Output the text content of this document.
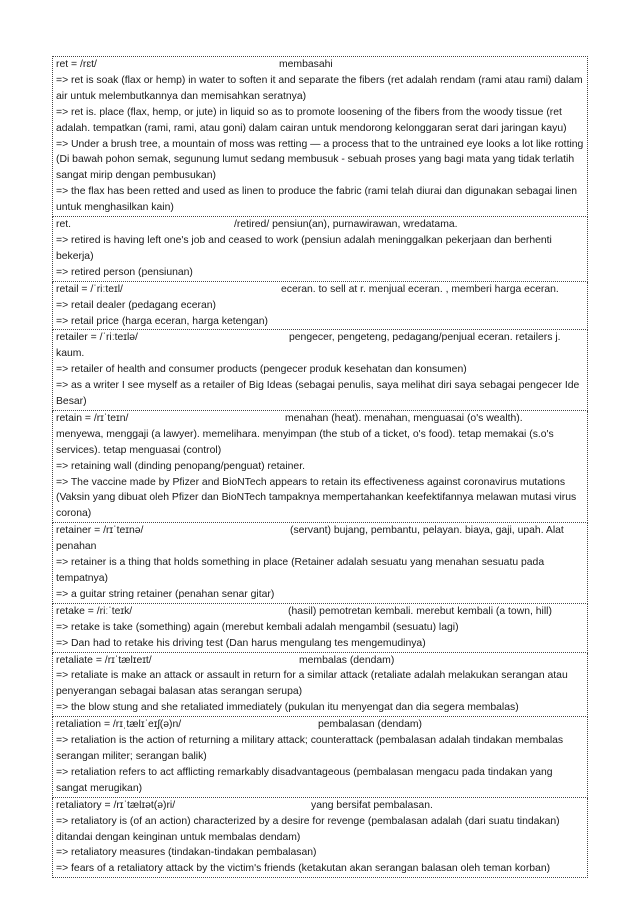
ret = /rɛt/	membasahi
=> ret is soak (flax or hemp) in water to soften it and separate the fibers (ret adalah rendam (rami atau rami) dalam air untuk melembutkannya dan memisahkan seratnya)
=> ret is. place (flax, hemp, or jute) in liquid so as to promote loosening of the fibers from the woody tissue (ret adalah. tempatkan (rami, rami, atau goni) dalam cairan untuk mendorong kelonggaran serat dari jaringan kayu)
=> Under a brush tree, a mountain of moss was retting — a process that to the untrained eye looks a lot like rotting (Di bawah pohon semak, segunung lumut sedang membusuk - sebuah proses yang bagi mata yang tidak terlatih sangat mirip dengan pembusukan)
=> the flax has been retted and used as linen to produce the fabric (rami telah diurai dan digunakan sebagai linen untuk menghasilkan kain)
ret.	/retired/ pensiun(an), purnawirawan, wredatama.
=> retired is having left one's job and ceased to work (pensiun adalah meninggalkan pekerjaan dan berhenti bekerja)
=> retired person (pensiunan)
retail = /ˈriːteɪl/	eceran. to sell at r. menjual eceran. , memberi harga eceran.
=> retail dealer (pedagang eceran)
=> retail price (harga eceran, harga ketengan)
retailer = /ˈriːteɪlə/	pengecer, pengeteng, pedagang/penjual eceran. retailers j.
kaum.
=> retailer of health and consumer products (pengecer produk kesehatan dan konsumen)
=> as a writer I see myself as a retailer of Big Ideas (sebagai penulis, saya melihat diri saya sebagai pengecer Ide Besar)
retain = /rɪˈteɪn/	menahan (heat). menahan, menguasai (o's wealth).
menyewa, menggaji (a lawyer). memelihara. menyimpan (the stub of a ticket, o's food). tetap memakai (s.o's services). tetap menguasai (control)
=> retaining wall (dinding penopang/penguat) retainer.
=> The vaccine made by Pfizer and BioNTech appears to retain its effectiveness against coronavirus mutations (Vaksin yang dibuat oleh Pfizer dan BioNTech tampaknya mempertahankan keefektifannya melawan mutasi virus corona)
retainer = /rɪˈteɪnə/	(servant) bujang, pembantu, pelayan. biaya, gaji, upah. Alat
penahan
=> retainer is a thing that holds something in place (Retainer adalah sesuatu yang menahan sesuatu pada tempatnya)
=> a guitar string retainer (penahan senar gitar)
retake = /riːˈteɪk/	(hasil) pemotretan kembali. merebut kembali (a town, hill)
=> retake is take (something) again (merebut kembali adalah mengambil (sesuatu) lagi)
=> Dan had to retake his driving test (Dan harus mengulang tes mengemudinya)
retaliate = /rɪˈtælɪeɪt/	membalas (dendam)
=> retaliate is make an attack or assault in return for a similar attack (retaliate adalah melakukan serangan atau penyerangan sebagai balasan atas serangan serupa)
=> the blow stung and she retaliated immediately (pukulan itu menyengat dan dia segera membalas)
retaliation = /rɪˌtælɪˈeɪʃ(ə)n/	pembalasan (dendam)
=> retaliation is the action of returning a military attack; counterattack (pembalasan adalah tindakan membalas serangan militer; serangan balik)
=> retaliation refers to act afflicting remarkably disadvantageous (pembalasan mengacu pada tindakan yang sangat merugikan)
retaliatory = /rɪˈtælɪət(ə)ri/	yang bersifat pembalasan.
=> retaliatory is (of an action) characterized by a desire for revenge (pembalasan adalah (dari suatu tindakan) ditandai dengan keinginan untuk membalas dendam)
=> retaliatory measures (tindakan-tindakan pembalasan)
=> fears of a retaliatory attack by the victim's friends (ketakutan akan serangan balasan oleh teman korban)
